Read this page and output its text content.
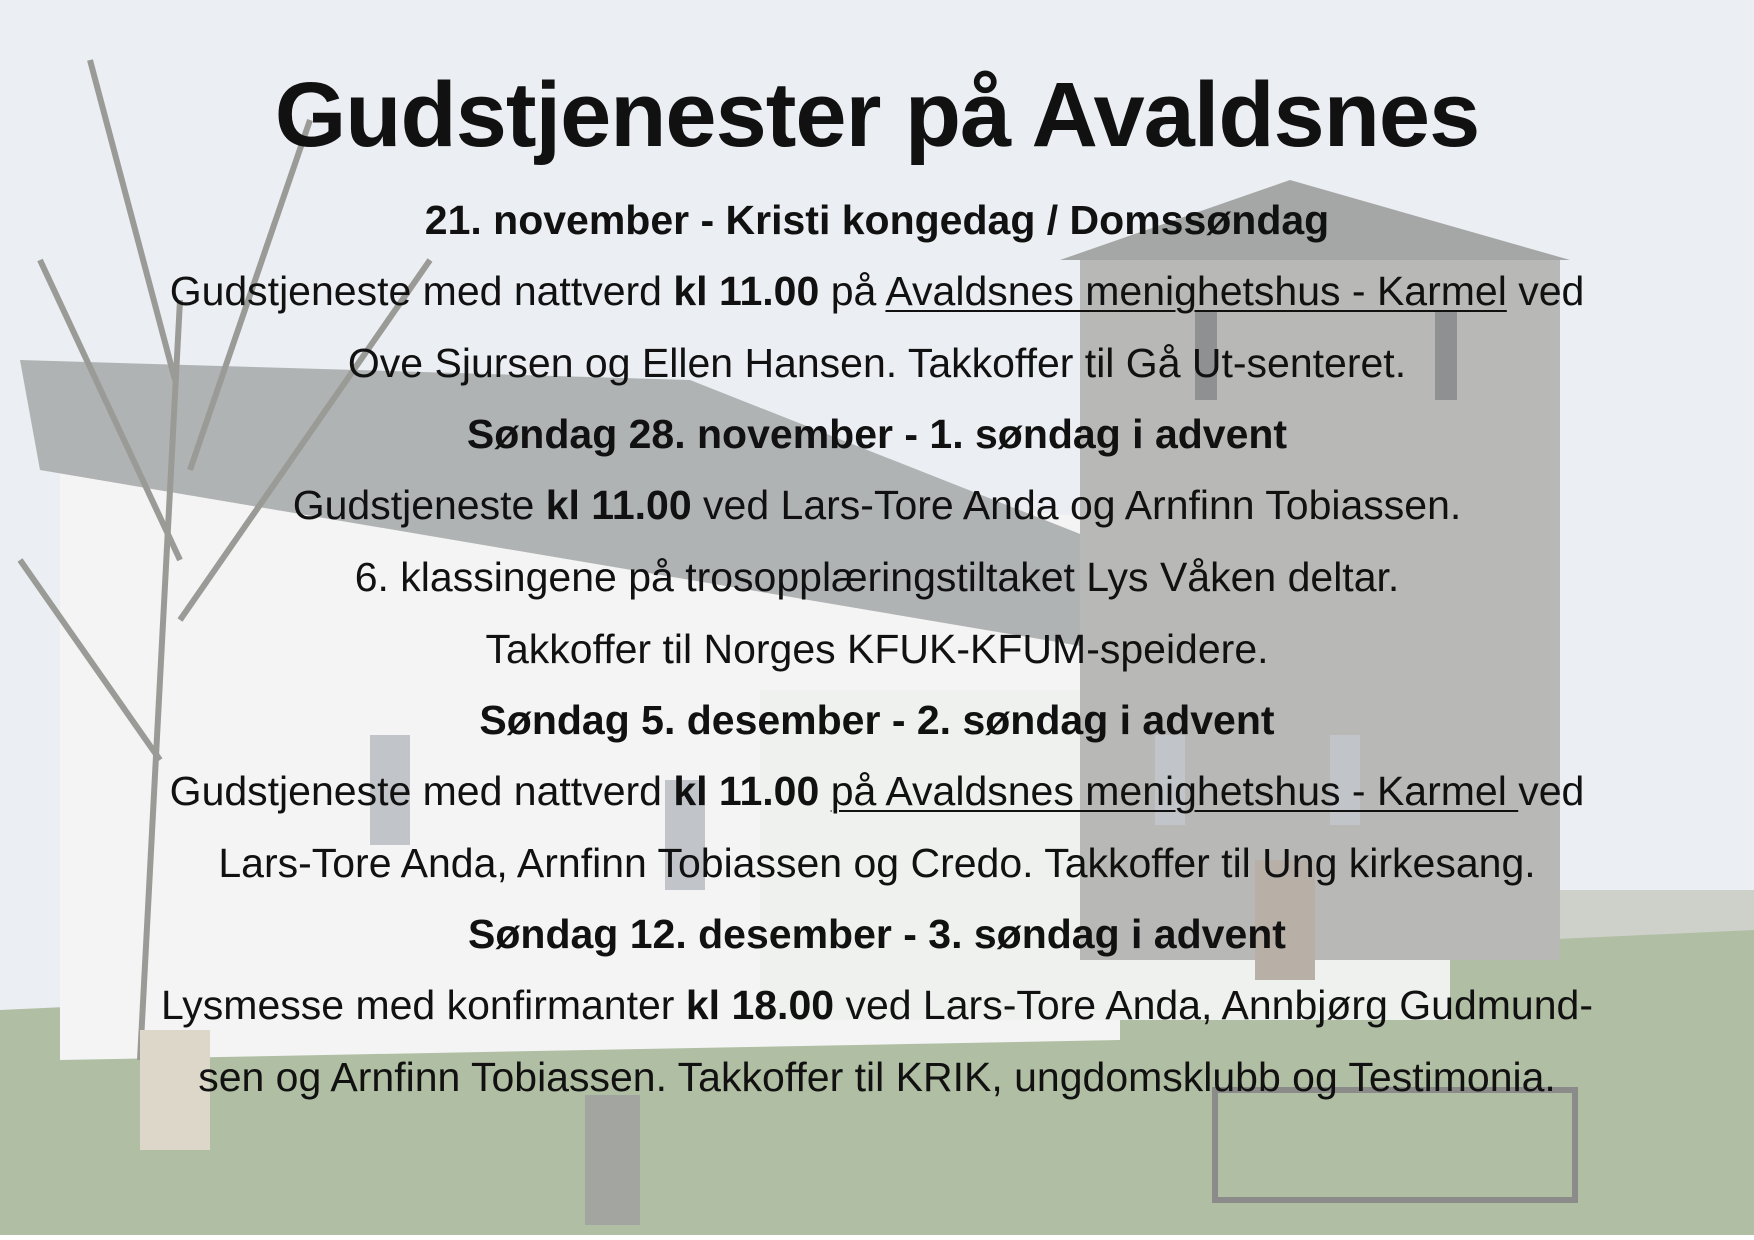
Gudstjenester på Avaldsnes
21. november - Kristi kongedag / Domssøndag
Gudstjeneste med nattverd kl 11.00 på Avaldsnes menighetshus - Karmel ved
Ove Sjursen og Ellen Hansen. Takkoffer til Gå Ut-senteret.
Søndag 28. november - 1. søndag i advent
Gudstjeneste kl 11.00 ved Lars-Tore Anda og Arnfinn Tobiassen.
6. klassingene på trosopplæringstiltaket Lys Våken deltar.
Takkoffer til Norges KFUK-KFUM-speidere.
Søndag 5. desember - 2. søndag i advent
Gudstjeneste med nattverd kl 11.00 på Avaldsnes menighetshus - Karmel ved
Lars-Tore Anda, Arnfinn Tobiassen og Credo. Takkoffer til Ung kirkesang.
Søndag 12. desember - 3. søndag i advent
Lysmesse med konfirmanter kl 18.00 ved Lars-Tore Anda, Annbjørg Gudmund-
sen og Arnfinn Tobiassen. Takkoffer til KRIK, ungdomsklubb og Testimonia.
